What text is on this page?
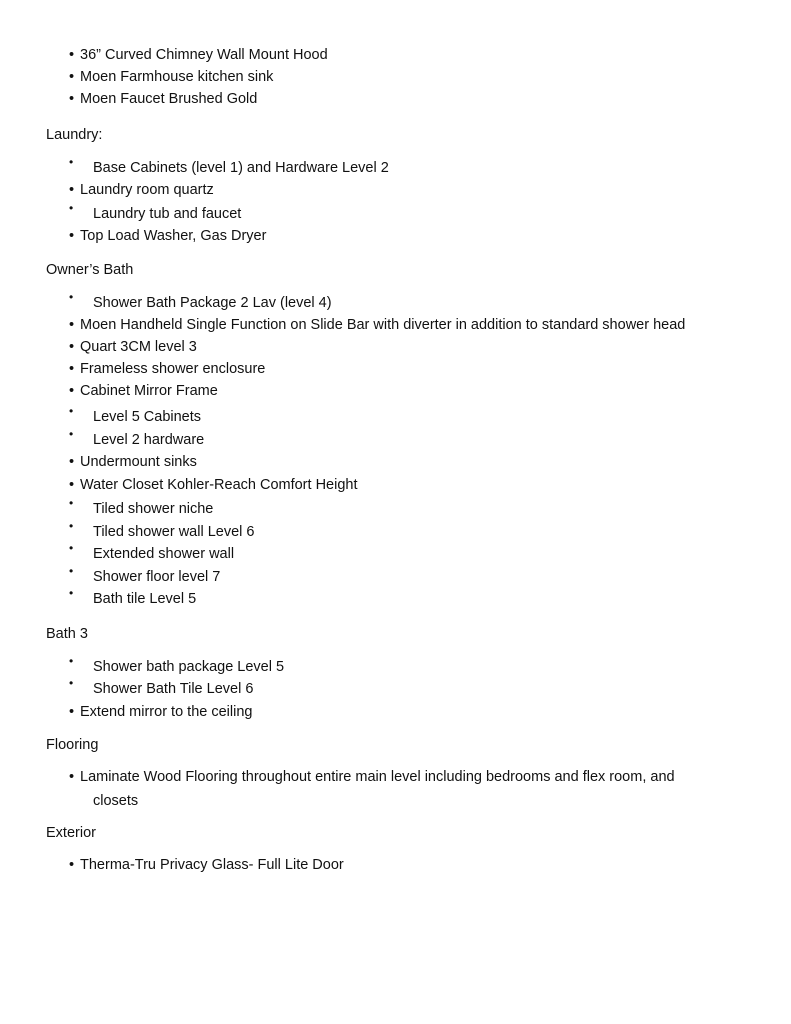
• 36” Curved Chimney Wall Mount Hood
• Moen Farmhouse kitchen sink
• Moen Faucet Brushed Gold
Laundry:
• Base Cabinets (level 1) and Hardware Level 2
• Laundry room quartz
• Laundry tub and faucet
• Top Load Washer, Gas Dryer
Owner’s Bath
• Shower Bath Package 2 Lav (level 4)
• Moen Handheld Single Function on Slide Bar with diverter in addition to standard shower head
• Quart 3CM level 3
• Frameless shower enclosure
• Cabinet Mirror Frame
• Level 5 Cabinets
• Level 2 hardware
• Undermount sinks
• Water Closet Kohler-Reach Comfort Height
• Tiled shower niche
• Tiled shower wall Level 6
• Extended shower wall
• Shower floor level 7
• Bath tile Level 5
Bath 3
• Shower bath package Level 5
• Shower Bath Tile Level 6
• Extend mirror to the ceiling
Flooring
• Laminate Wood Flooring throughout entire main level including bedrooms and flex room, and
closets
Exterior
• Therma-Tru Privacy Glass- Full Lite Door
